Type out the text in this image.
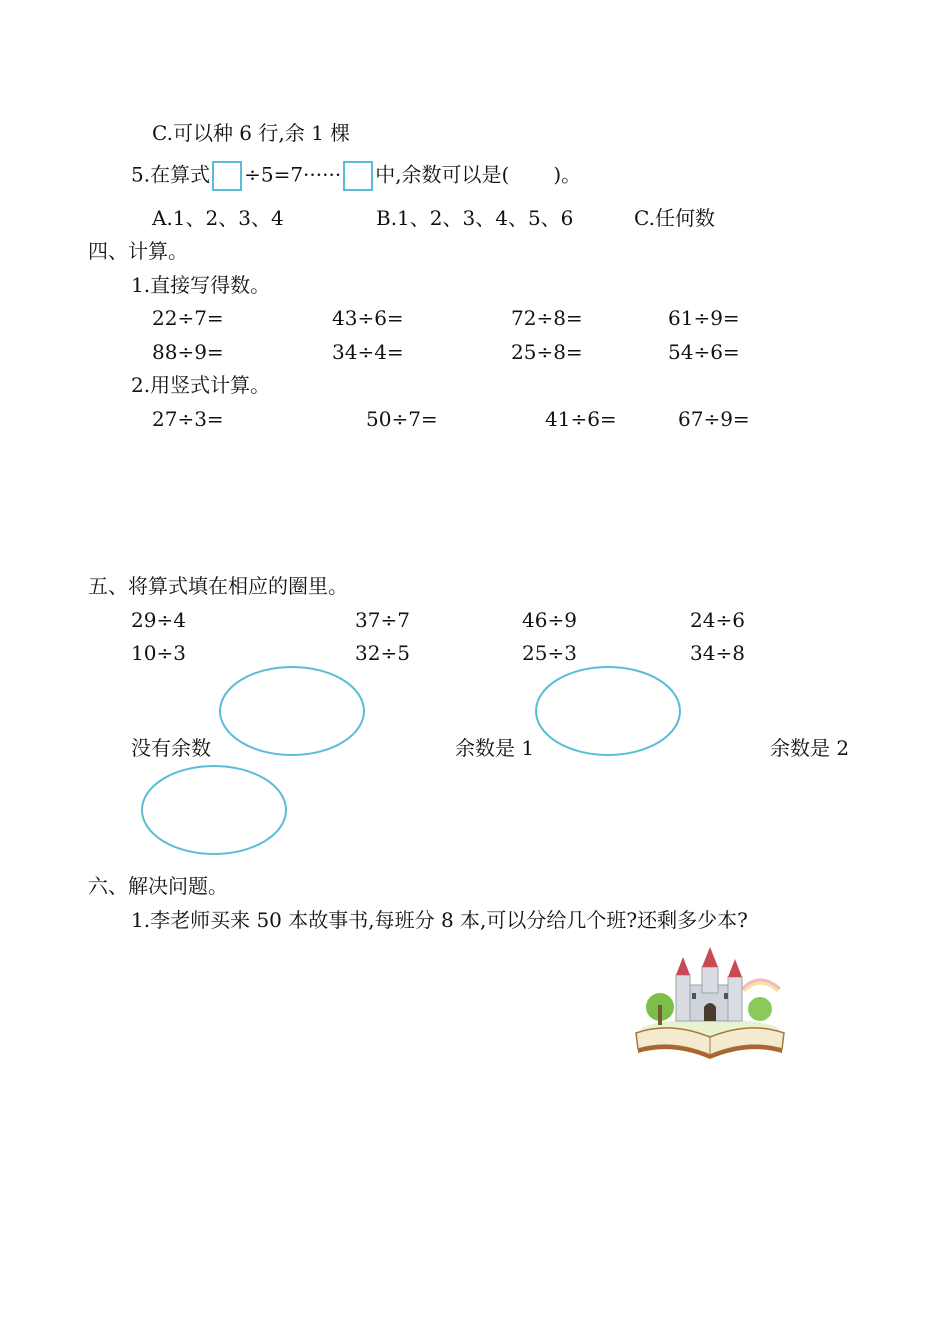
C.可以种 6 行,余 1 棵
5.在算式 ÷5=7······ 中,余数可以是( )。
A.1、2、3、4	B.1、2、3、4、5、6	C.任何数
四、计算。
1.直接写得数。
22÷7=	43÷6=	72÷8=	61÷9=
88÷9=	34÷4=	25÷8=	54÷6=
2.用竖式计算。
27÷3=	50÷7=	41÷6=	67÷9=
五、将算式填在相应的圈里。
29÷4	37÷7	46÷9	24÷6
10÷3	32÷5	25÷3	34÷8
没有余数	余数是 1	余数是 2
六、解决问题。
1.李老师买来 50 本故事书,每班分 8 本,可以分给几个班?还剩多少本?
